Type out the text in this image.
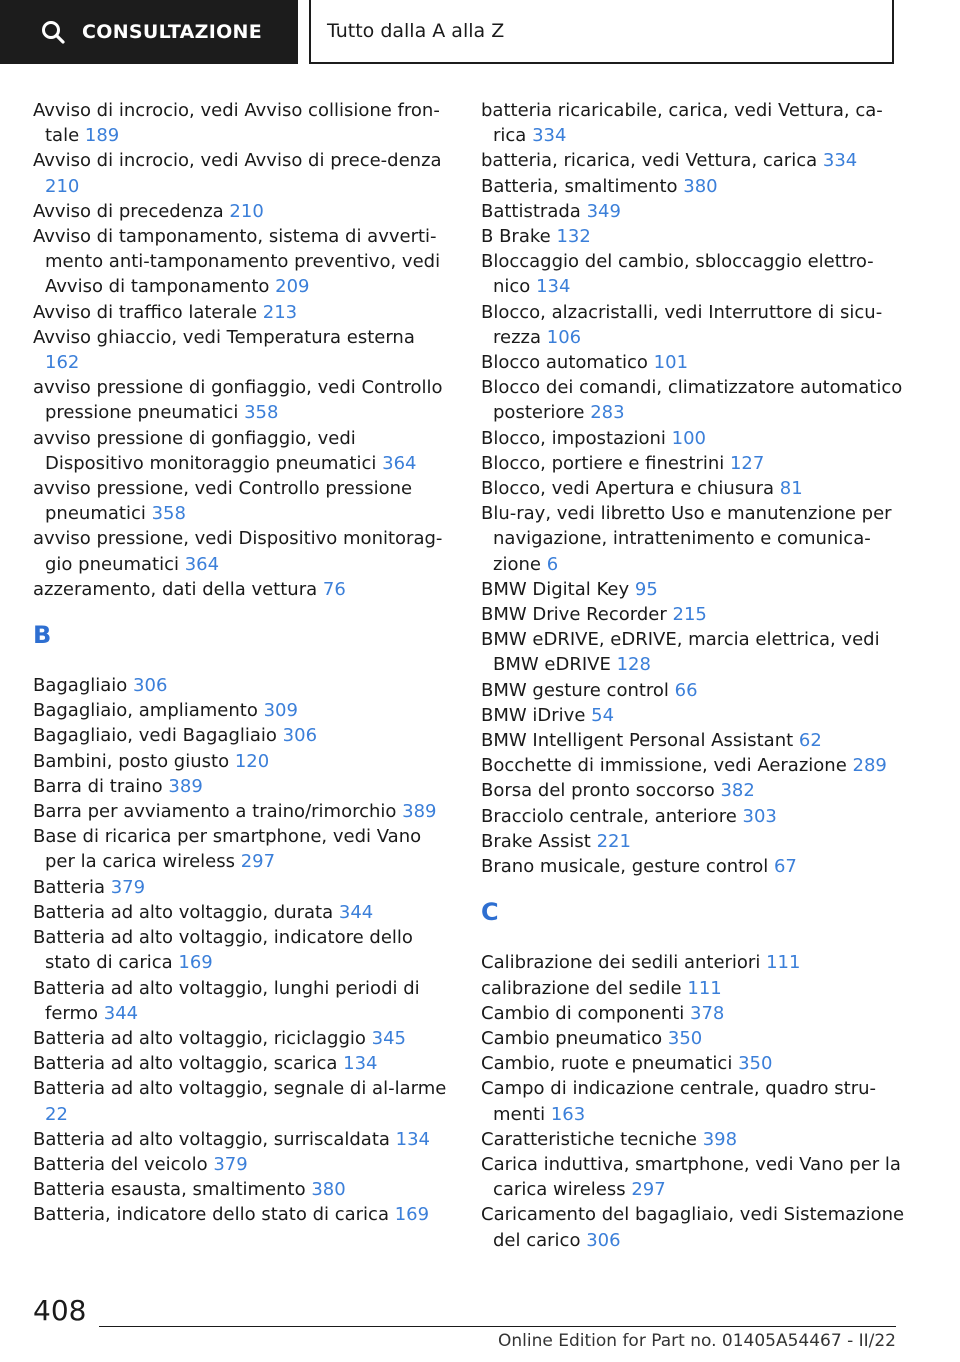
CONSULTAZIONE	Tutto dalla A alla Z
Avviso di incrocio, vedi Avviso collisione fron-tale 189
Avviso di incrocio, vedi Avviso di prece-denza 210
Avviso di precedenza 210
Avviso di tamponamento, sistema di avverti-mento anti-tamponamento preventivo, vedi Avviso di tamponamento 209
Avviso di traffico laterale 213
Avviso ghiaccio, vedi Temperatura esterna 162
avviso pressione di gonfiaggio, vedi Controllo pressione pneumatici 358
avviso pressione di gonfiaggio, vedi Dispositivo monitoraggio pneumatici 364
avviso pressione, vedi Controllo pressione pneumatici 358
avviso pressione, vedi Dispositivo monitorag-gio pneumatici 364
azzeramento, dati della vettura 76
B
Bagagliaio 306
Bagagliaio, ampliamento 309
Bagagliaio, vedi Bagagliaio 306
Bambini, posto giusto 120
Barra di traino 389
Barra per avviamento a traino/rimorchio 389
Base di ricarica per smartphone, vedi Vano per la carica wireless 297
Batteria 379
Batteria ad alto voltaggio, durata 344
Batteria ad alto voltaggio, indicatore dello stato di carica 169
Batteria ad alto voltaggio, lunghi periodi di fermo 344
Batteria ad alto voltaggio, riciclaggio 345
Batteria ad alto voltaggio, scarica 134
Batteria ad alto voltaggio, segnale di al-larme 22
Batteria ad alto voltaggio, surriscaldata 134
Batteria del veicolo 379
Batteria esausta, smaltimento 380
Batteria, indicatore dello stato di carica 169
batteria ricaricabile, carica, vedi Vettura, ca-rica 334
batteria, ricarica, vedi Vettura, carica 334
Batteria, smaltimento 380
Battistrada 349
B Brake 132
Bloccaggio del cambio, sbloccaggio elettro-nico 134
Blocco, alzacristalli, vedi Interruttore di sicu-rezza 106
Blocco automatico 101
Blocco dei comandi, climatizzatore automatico posteriore 283
Blocco, impostazioni 100
Blocco, portiere e finestrini 127
Blocco, vedi Apertura e chiusura 81
Blu-ray, vedi libretto Uso e manutenzione per navigazione, intrattenimento e comunica-zione 6
BMW Digital Key 95
BMW Drive Recorder 215
BMW eDRIVE, eDRIVE, marcia elettrica, vedi BMW eDRIVE 128
BMW gesture control 66
BMW iDrive 54
BMW Intelligent Personal Assistant 62
Bocchette di immissione, vedi Aerazione 289
Borsa del pronto soccorso 382
Bracciolo centrale, anteriore 303
Brake Assist 221
Brano musicale, gesture control 67
C
Calibrazione dei sedili anteriori 111
calibrazione del sedile 111
Cambio di componenti 378
Cambio pneumatico 350
Cambio, ruote e pneumatici 350
Campo di indicazione centrale, quadro stru-menti 163
Caratteristiche tecniche 398
Carica induttiva, smartphone, vedi Vano per la carica wireless 297
Caricamento del bagagliaio, vedi Sistemazione del carico 306
408
Online Edition for Part no. 01405A54467 - II/22
